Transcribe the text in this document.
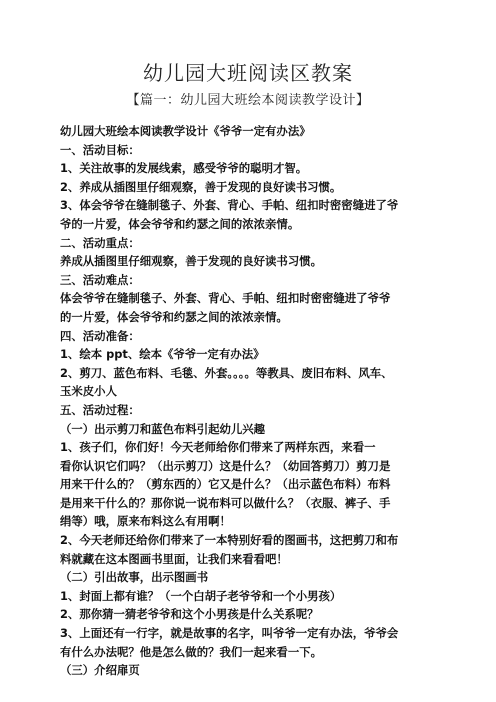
幼儿园大班阅读区教案
【篇一：幼儿园大班绘本阅读教学设计】
幼儿园大班绘本阅读教学设计《爷爷一定有办法》
一、活动目标：
1、关注故事的发展线索，感受爷爷的聪明才智。
2、养成从插图里仔细观察，善于发现的良好读书习惯。
3、体会爷爷在缝制毯子、外套、背心、手帕、纽扣时密密缝进了爷
爷的一片爱，体会爷爷和约瑟之间的浓浓亲情。
二、活动重点：
养成从插图里仔细观察，善于发现的良好读书习惯。
三、活动难点：
体会爷爷在缝制毯子、外套、背心、手帕、纽扣时密密缝进了爷爷
的一片爱，体会爷爷和约瑟之间的浓浓亲情。
四、活动准备：
1、绘本 ppt、绘本《爷爷一定有办法》
2、剪刀、蓝色布料、毛毯、外套。。。。等教具、废旧布料、风车、
玉米皮小人
五、活动过程：
（一）出示剪刀和蓝色布料引起幼儿兴趣
1、孩子们，你们好！今天老师给你们带来了两样东西，来看一
看你认识它们吗？（出示剪刀）这是什么？（幼回答剪刀）剪刀是
用来干什么的？（剪东西的）它又是什么？（出示蓝色布料）布料
是用来干什么的？那你说一说布料可以做什么？（衣服、裤子、手
绢等）哦，原来布料这么有用啊！
2、今天老师还给你们带来了一本特别好看的图画书，这把剪刀和布
料就藏在这本图画书里面，让我们来看看吧！
（二）引出故事，出示图画书
1、封面上都有谁？（一个白胡子老爷爷和一个小男孩）
2、那你猜一猜老爷爷和这个小男孩是什么关系呢？
3、上面还有一行字，就是故事的名字，叫爷爷一定有办法，爷爷会
有什么办法呢？他是怎么做的？我们一起来看一下。
（三）介绍扉页
